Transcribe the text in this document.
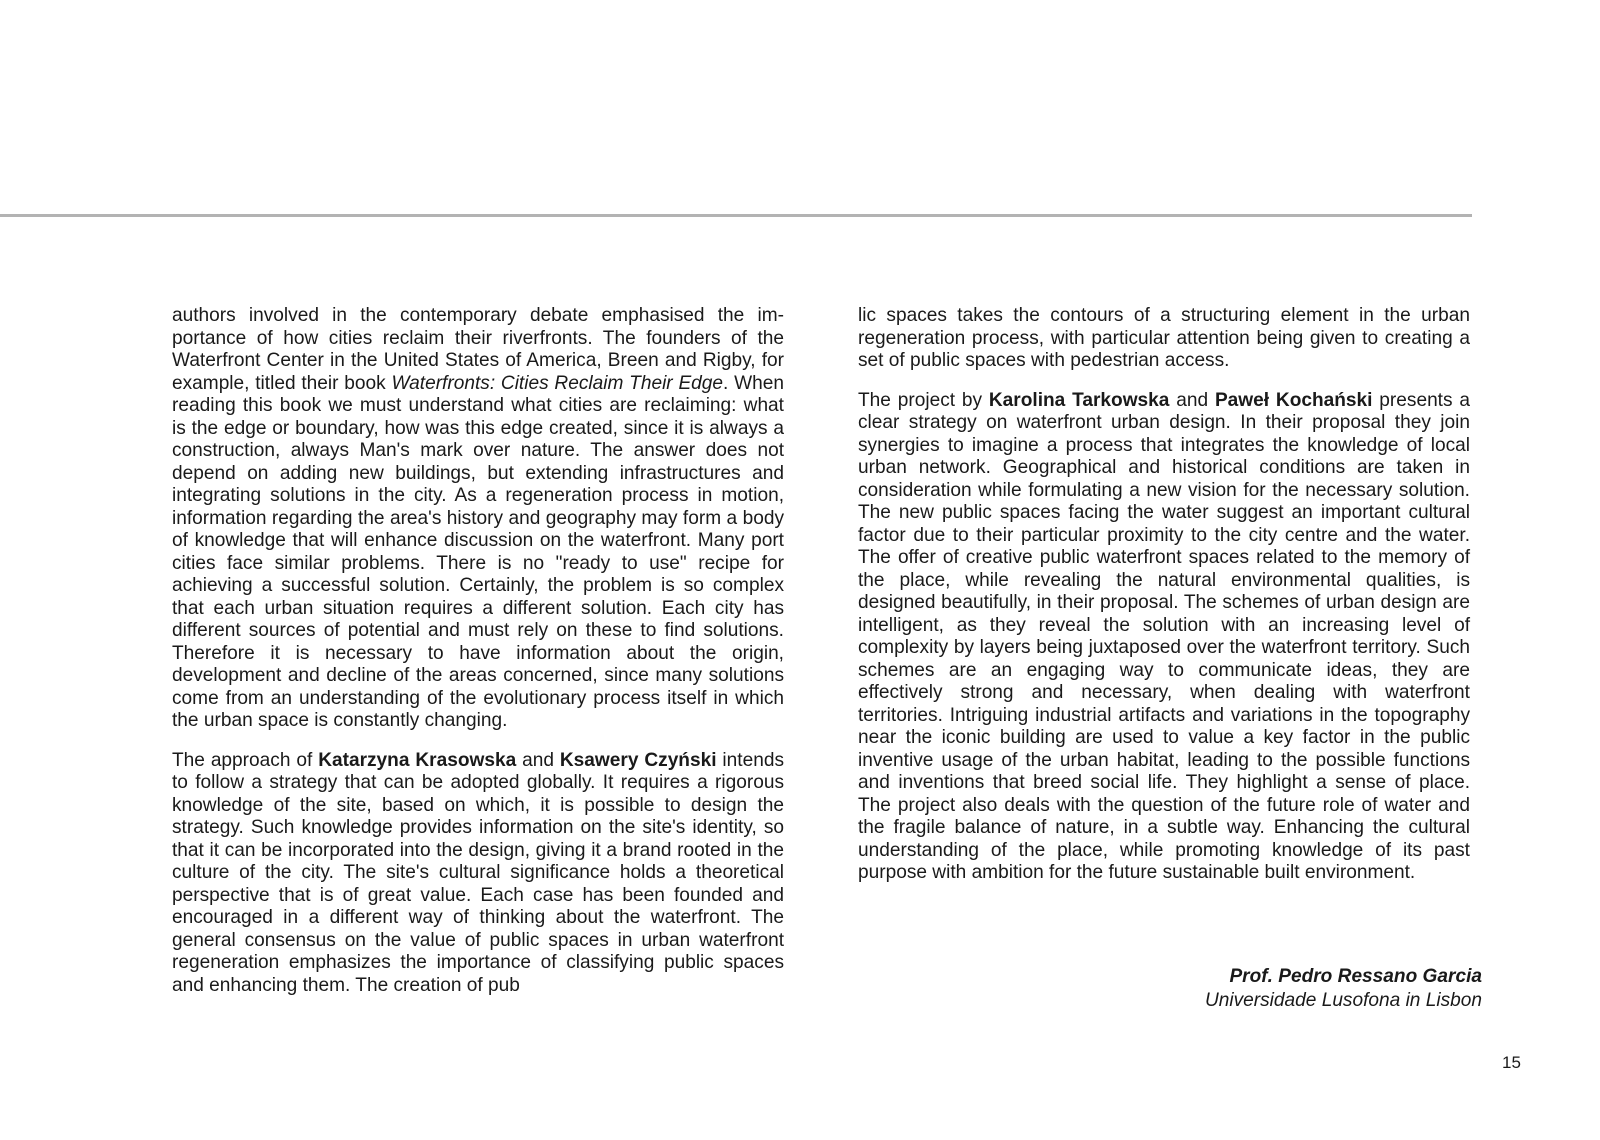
authors involved in the contemporary debate emphasised the importance of how cities reclaim their riverfronts. The founders of the Waterfront Center in the United States of America, Breen and Rigby, for example, titled their book Waterfronts: Cities Reclaim Their Edge. When reading this book we must understand what cities are reclaiming: what is the edge or boundary, how was this edge created, since it is always a construction, always Man's mark over nature. The answer does not depend on adding new buildings, but extending infrastructures and integrating solutions in the city. As a regeneration process in motion, information regarding the area's history and geography may form a body of knowledge that will enhance discussion on the waterfront. Many port cities face similar problems. There is no "ready to use" recipe for achieving a successful solution. Certainly, the problem is so complex that each urban situation requires a different solution. Each city has different sources of potential and must rely on these to find solutions. Therefore it is necessary to have information about the origin, development and decline of the areas concerned, since many solutions come from an understanding of the evolutionary process itself in which the urban space is constantly changing.

The approach of Katarzyna Krasowska and Ksawery Czyński intends to follow a strategy that can be adopted globally. It requires a rigorous knowledge of the site, based on which, it is possible to design the strategy. Such knowledge provides information on the site's identity, so that it can be incorporated into the design, giving it a brand rooted in the culture of the city. The site's cultural significance holds a theoretical perspective that is of great value. Each case has been founded and encouraged in a different way of thinking about the waterfront. The general consensus on the value of public spaces in urban waterfront regeneration emphasizes the importance of classifying public spaces and enhancing them. The creation of pub

lic spaces takes the contours of a structuring element in the urban regeneration process, with particular attention being given to creating a set of public spaces with pedestrian access.

The project by Karolina Tarkowska and Paweł Kochański presents a clear strategy on waterfront urban design. In their proposal they join synergies to imagine a process that integrates the knowledge of local urban network. Geographical and historical conditions are taken in consideration while formulating a new vision for the necessary solution. The new public spaces facing the water suggest an important cultural factor due to their particular proximity to the city centre and the water. The offer of creative public waterfront spaces related to the memory of the place, while revealing the natural environmental qualities, is designed beautifully, in their proposal. The schemes of urban design are intelligent, as they reveal the solution with an increasing level of complexity by layers being juxtaposed over the waterfront territory. Such schemes are an engaging way to communicate ideas, they are effectively strong and necessary, when dealing with waterfront territories. Intriguing industrial artifacts and variations in the topography near the iconic building are used to value a key factor in the public inventive usage of the urban habitat, leading to the possible functions and inventions that breed social life. They highlight a sense of place. The project also deals with the question of the future role of water and the fragile balance of nature, in a subtle way. Enhancing the cultural understanding of the place, while promoting knowledge of its past purpose with ambition for the future sustainable built environment.

Prof. Pedro Ressano Garcia
Universidade Lusofona in Lisbon
15
